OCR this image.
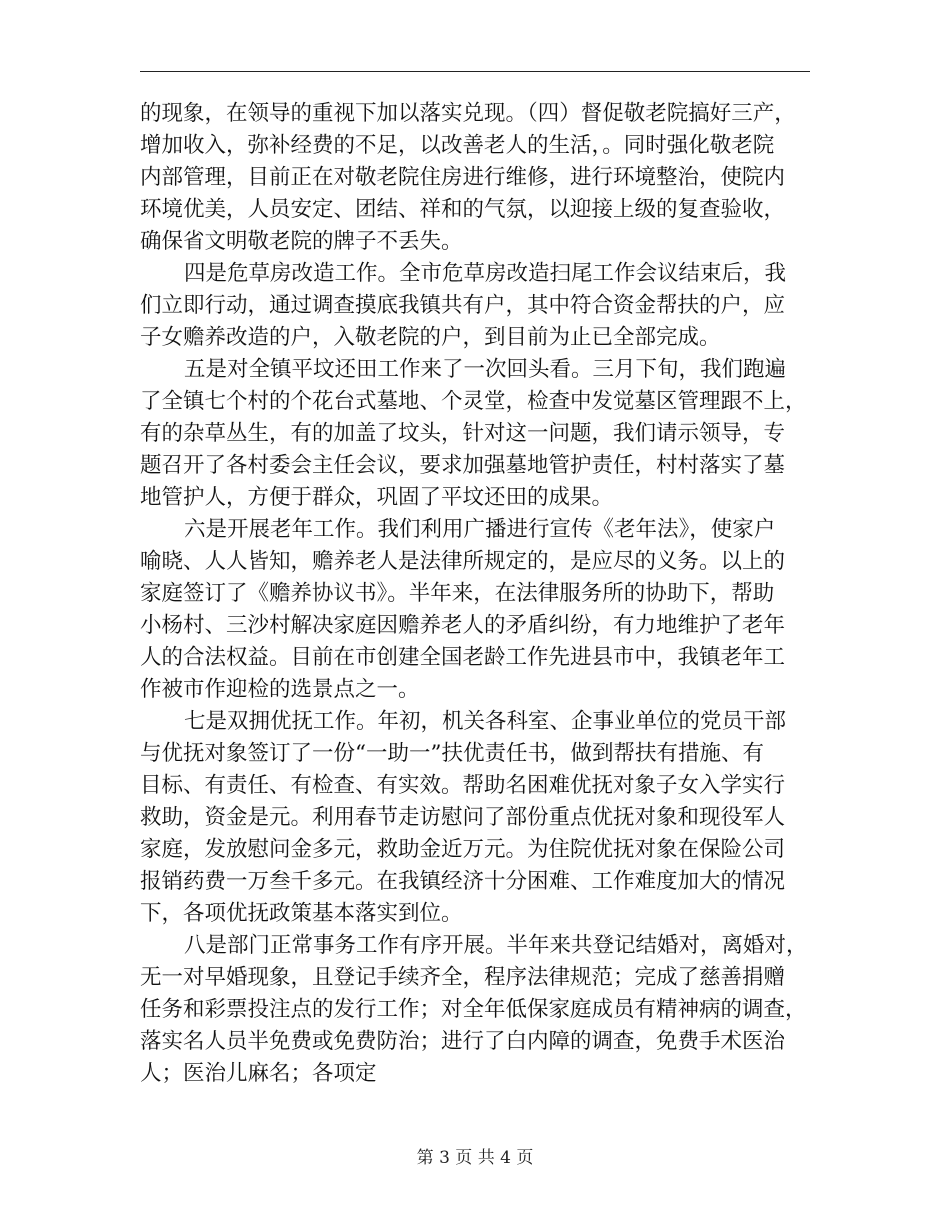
的现象，在领导的重视下加以落实兑现。（四）督促敬老院搞好三产，
增加收入，弥补经费的不足，以改善老人的生活，。同时强化敬老院
内部管理，目前正在对敬老院住房进行维修，进行环境整治，使院内
环境优美，人员安定、团结、祥和的气氛，以迎接上级的复查验收，
确保省文明敬老院的牌子不丢失。
四是危草房改造工作。全市危草房改造扫尾工作会议结束后，我
们立即行动，通过调查摸底我镇共有户，其中符合资金帮扶的户，应
子女赡养改造的户，入敬老院的户，到目前为止已全部完成。
五是对全镇平坟还田工作来了一次回头看。三月下旬，我们跑遍
了全镇七个村的个花台式墓地、个灵堂，检查中发觉墓区管理跟不上，
有的杂草丛生，有的加盖了坟头，针对这一问题，我们请示领导，专
题召开了各村委会主任会议，要求加强墓地管护责任，村村落实了墓
地管护人，方便于群众，巩固了平坟还田的成果。
六是开展老年工作。我们利用广播进行宣传《老年法》，使家户
喻晓、人人皆知，赡养老人是法律所规定的，是应尽的义务。以上的
家庭签订了《赡养协议书》。半年来，在法律服务所的协助下，帮助
小杨村、三沙村解决家庭因赡养老人的矛盾纠纷，有力地维护了老年
人的合法权益。目前在市创建全国老龄工作先进县市中，我镇老年工
作被市作迎检的选景点之一。
七是双拥优抚工作。年初，机关各科室、企事业单位的党员干部
与优抚对象签订了一份“一助一”扶优责任书，做到帮扶有措施、有
目标、有责任、有检查、有实效。帮助名困难优抚对象子女入学实行
救助，资金是元。利用春节走访慰问了部份重点优抚对象和现役军人
家庭，发放慰问金多元，救助金近万元。为住院优抚对象在保险公司
报销药费一万叁千多元。在我镇经济十分困难、工作难度加大的情况
下，各项优抚政策基本落实到位。
八是部门正常事务工作有序开展。半年来共登记结婚对，离婚对，
无一对早婚现象，且登记手续齐全，程序法律规范；完成了慈善捐赠
任务和彩票投注点的发行工作；对全年低保家庭成员有精神病的调查，
落实名人员半免费或免费防治；进行了白内障的调查，免费手术医治
人；医治儿麻名；各项定
第 3 页 共 4 页
